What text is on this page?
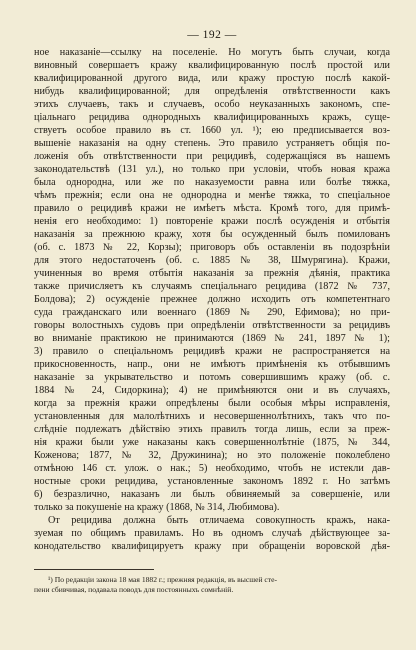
— 192 —
ное наказаніе—ссылку на поселеніе. Но могутъ быть случаи, когда
виновный совершаетъ кражу квалифицированную послѣ простой или
квалифицированной другого вида, или кражу простую послѣ какой-
нибудь квалифицированной; для опредѣленія отвѣтственности какъ
этихъ случаевъ, такъ и случаевъ, особо неуказанныхъ закономъ, спе-
ціальнаго рецидива однородныхъ квалифицированныхъ кражъ, суще-
ствуетъ особое правило въ ст. 1660 ул. ¹); ею предписывается воз-
вышеніе наказанія на одну степень. Это правило устраняетъ общія по-
ложенія объ отвѣтственности при рецидивѣ, содержащіяся въ нашемъ
законодательствѣ (131 ул.), но только при условіи, чтобъ новая кража
была однородна, или же по наказуемости равна или болѣе тяжка,
чѣмъ прежнія; если она не однородна и менѣе тяжка, то спеціальное
правило о рецидивѣ кражи не имѣетъ мѣста. Кромѣ того, для примѣ-
ненія его необходимо: 1) повтореніе кражи послѣ осужденія и отбытія
наказанія за прежнюю кражу, хотя бы осужденный былъ помилованъ
(об. с. 1873 № 22, Корзы); приговоръ объ оставленіи въ подозрѣніи
для этого недостаточенъ (об. с. 1885 № 38, Шмурягина). Кражи,
учиненныя во время отбытія наказанія за прежнія дѣянія, практика
также причисляетъ къ случаямъ спеціальнаго рецидива (1872 № 737,
Болдова); 2) осужденіе прежнее должно исходить отъ компетентнаго
суда гражданскаго или военнаго (1869 № 290, Ефимова); но при-
говоры волостныхъ судовъ при опредѣленіи отвѣтственности за рецидивъ
во вниманіе практикою не принимаются (1869 № 241, 1897 № 1);
3) правило о спеціальномъ рецидивѣ кражи не распространяется на
прикосновенность, напр., они не имѣютъ примѣненія къ отбывшимъ
наказаніе за укрывательство и потомъ совершившимъ кражу (об. с.
1884 № 24, Сидоркина); 4) не примѣняются они и въ случаяхъ,
когда за прежнія кражи опредѣлены были особыя мѣры исправленія,
установленныя для малолѣтнихъ и несовершеннолѣтнихъ, такъ что по-
слѣдніе подлежатъ дѣйствію этихъ правилъ тогда лишь, если за преж-
нія кражи были уже наказаны какъ совершеннолѣтніе (1875, № 344,
Коженова; 1877, № 32, Дружинина); но это положеніе поколеблено
отмѣною 146 ст. улож. о нак.; 5) необходимо, чтобъ не истекли дав-
ностные сроки рецидива, установленные закономъ 1892 г. Но затѣмъ
6) безразлично, наказанъ ли былъ обвиняемый за совершеніе, или
только за покушеніе на кражу (1868, № 314, Любимова).
От рецидива должна быть отличаема совокупность кражъ, нака-
зуемая по общимъ правиламъ. Но въ одномъ случаѣ дѣйствующее за-
конодательство квалифицируетъ кражу при обращеніи воровской дѣя-
¹) По редакціи закона 18 мая 1882 г.; прежняя редакція, въ высшей сте-
пени сбивчивая, подавала поводъ для постоянныхъ сомнѣній.
